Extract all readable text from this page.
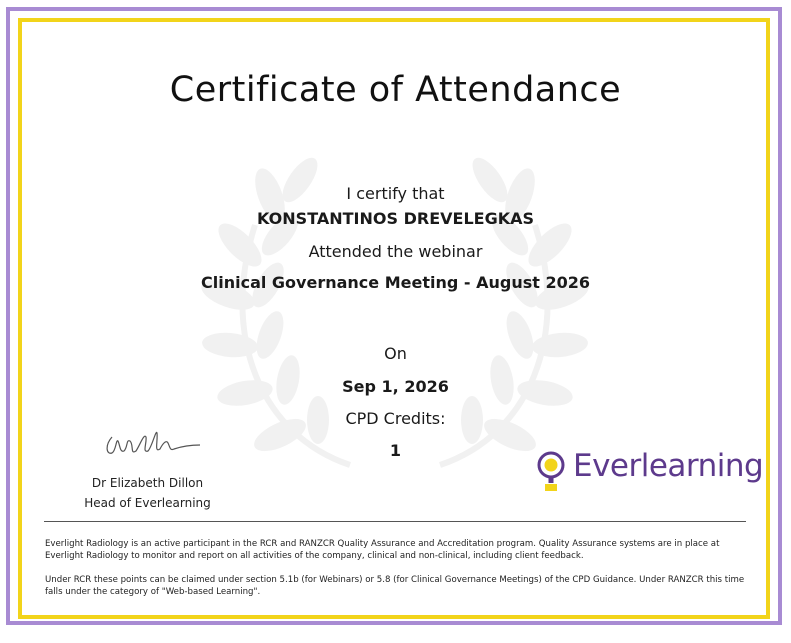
Certificate of Attendance
I certify that
KONSTANTINOS DREVELEGKAS
Attended the webinar
Clinical Governance Meeting - August 2026
On
Sep 1, 2026
CPD Credits:
1
Dr Elizabeth Dillon
Head of Everlearning
Everlearning
Everlight Radiology is an active participant in the RCR and RANZCR Quality Assurance and Accreditation program. Quality Assurance systems are in place at Everlight Radiology to monitor and report on all activities of the company, clinical and non-clinical, including client feedback.
Under RCR these points can be claimed under section 5.1b (for Webinars) or 5.8 (for Clinical Governance Meetings) of the CPD Guidance. Under RANZCR this time falls under the category of "Web-based Learning".
